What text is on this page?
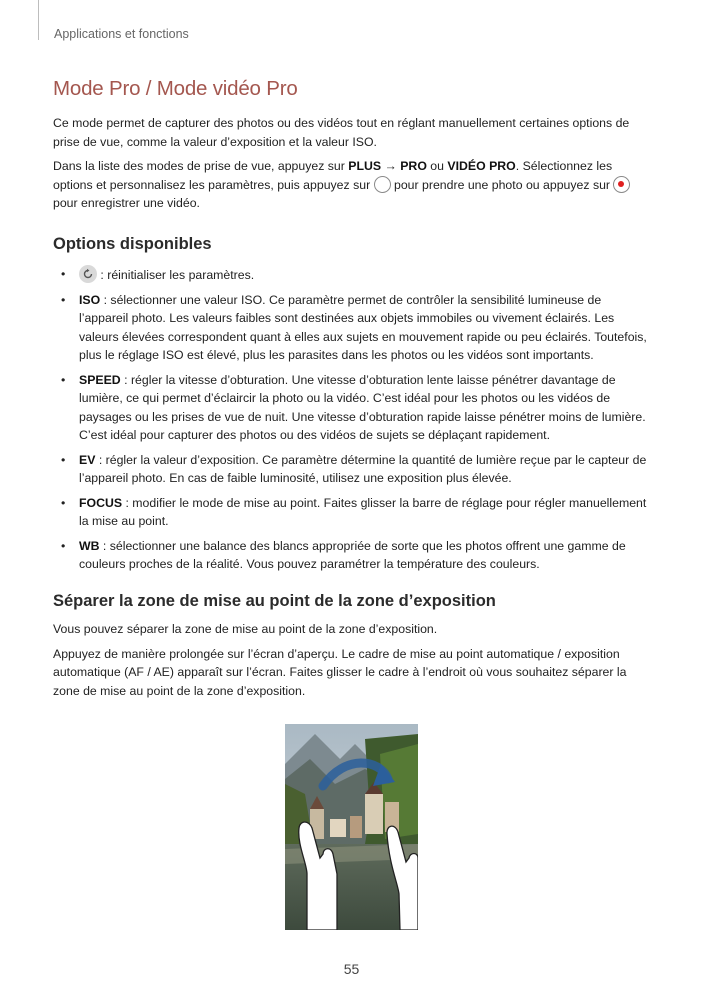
Applications et fonctions
Mode Pro / Mode vidéo Pro

Ce mode permet de capturer des photos ou des vidéos tout en réglant manuellement certaines options de prise de vue, comme la valeur d’exposition et la valeur ISO.

Dans la liste des modes de prise de vue, appuyez sur PLUS → PRO ou VIDÉO PRO. Sélectionnez les options et personnalisez les paramètres, puis appuyez sur  pour prendre une photo ou appuyez sur  pour enregistrer une vidéo.

Options disponibles
• : réinitialiser les paramètres.
• ISO : sélectionner une valeur ISO. Ce paramètre permet de contrôler la sensibilité lumineuse de l’appareil photo. Les valeurs faibles sont destinées aux objets immobiles ou vivement éclairés. Les valeurs élevées correspondent quant à elles aux sujets en mouvement rapide ou peu éclairés. Toutefois, plus le réglage ISO est élevé, plus les parasites dans les photos ou les vidéos sont importants.
• SPEED : régler la vitesse d’obturation. Une vitesse d’obturation lente laisse pénétrer davantage de lumière, ce qui permet d’éclaircir la photo ou la vidéo. C’est idéal pour les photos ou les vidéos de paysages ou les prises de vue de nuit. Une vitesse d’obturation rapide laisse pénétrer moins de lumière. C’est idéal pour capturer des photos ou des vidéos de sujets se déplaçant rapidement.
• EV : régler la valeur d’exposition. Ce paramètre détermine la quantité de lumière reçue par le capteur de l’appareil photo. En cas de faible luminosité, utilisez une exposition plus élevée.
• FOCUS : modifier le mode de mise au point. Faites glisser la barre de réglage pour régler manuellement la mise au point.
• WB : sélectionner une balance des blancs appropriée de sorte que les photos offrent une gamme de couleurs proches de la réalité. Vous pouvez paramétrer la température des couleurs.
Séparer la zone de mise au point de la zone d’exposition

Vous pouvez séparer la zone de mise au point de la zone d’exposition.

Appuyez de manière prolongée sur l’écran d’aperçu. Le cadre de mise au point automatique / exposition automatique (AF / AE) apparaît sur l’écran. Faites glisser le cadre à l’endroit où vous souhaitez séparer la zone de mise au point de la zone d’exposition.

55
